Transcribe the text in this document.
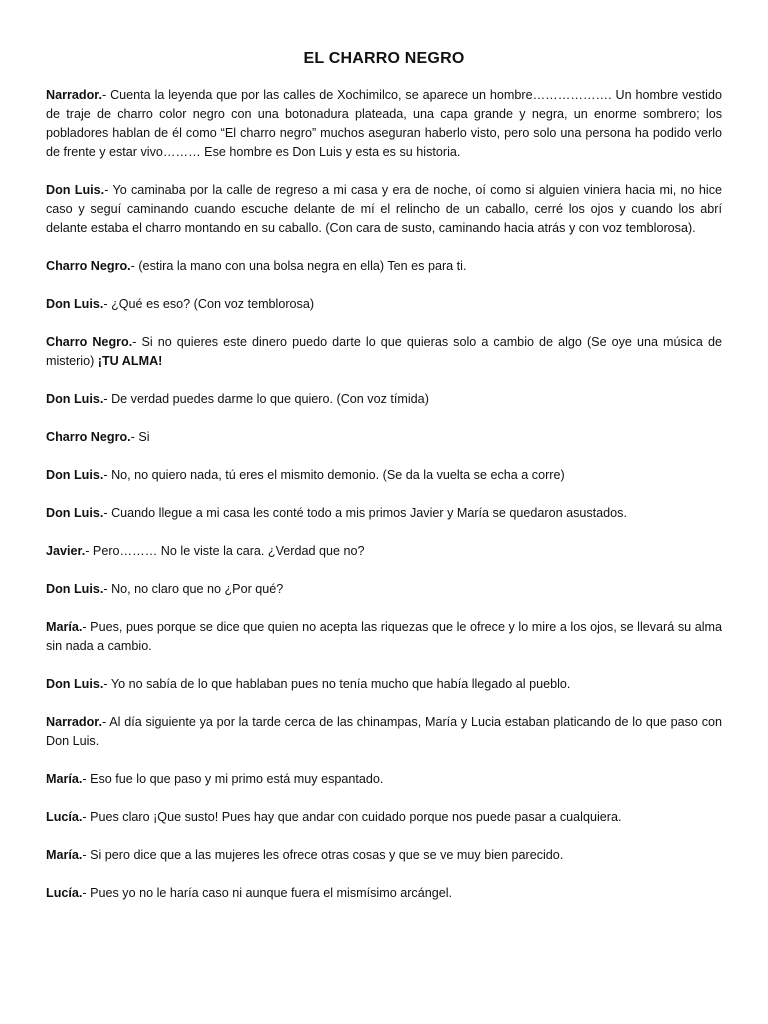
EL CHARRO NEGRO

Narrador.- Cuenta la leyenda que por las calles de Xochimilco, se aparece un hombre………………. Un hombre vestido de traje de charro color negro con una botonadura plateada, una capa grande y negra, un enorme sombrero; los pobladores hablan de él como “El charro negro” muchos aseguran haberlo visto, pero solo una persona ha podido verlo de frente y estar vivo……… Ese hombre es Don Luis y esta es su historia.

Don Luis.- Yo caminaba por la calle de regreso a mi casa y era de noche, oí como si alguien viniera hacia mi, no hice caso y seguí caminando cuando escuche delante de mí el relincho de un caballo, cerré los ojos y cuando los abrí delante estaba el charro montando en su caballo. (Con cara de susto, caminando hacia atrás y con voz temblorosa).

Charro Negro.- (estira la mano con una bolsa negra en ella) Ten es para ti.

Don Luis.- ¿Qué es eso? (Con voz temblorosa)

Charro Negro.- Si no quieres este dinero puedo darte lo que quieras solo a cambio de algo (Se oye una música de misterio) ¡TU ALMA!

Don Luis.- De verdad puedes darme lo que quiero. (Con voz tímida)

Charro Negro.- Si

Don Luis.- No, no quiero nada, tú eres el mismito demonio. (Se da la vuelta se echa a corre)

Don Luis.- Cuando llegue a mi casa les conté todo a mis primos Javier y María se quedaron asustados.

Javier.- Pero……… No le viste la cara. ¿Verdad que no?

Don Luis.- No, no claro que no ¿Por qué?

María.- Pues, pues porque se dice que quien no acepta las riquezas que le ofrece y lo mire a los ojos, se llevará su alma sin nada a cambio.

Don Luis.- Yo no sabía de lo que hablaban pues no tenía mucho que había llegado al pueblo.

Narrador.- Al día siguiente ya por la tarde cerca de las chinampas, María y Lucia estaban platicando de lo que paso con Don Luis.

María.- Eso fue lo que paso y mi primo está muy espantado.

Lucía.- Pues claro ¡Que susto! Pues hay que andar con cuidado porque nos puede pasar a cualquiera.

María.- Si pero dice que a las mujeres les ofrece otras cosas y que se ve muy bien parecido.

Lucía.- Pues yo no le haría caso ni aunque fuera el mismísimo arcángel.
